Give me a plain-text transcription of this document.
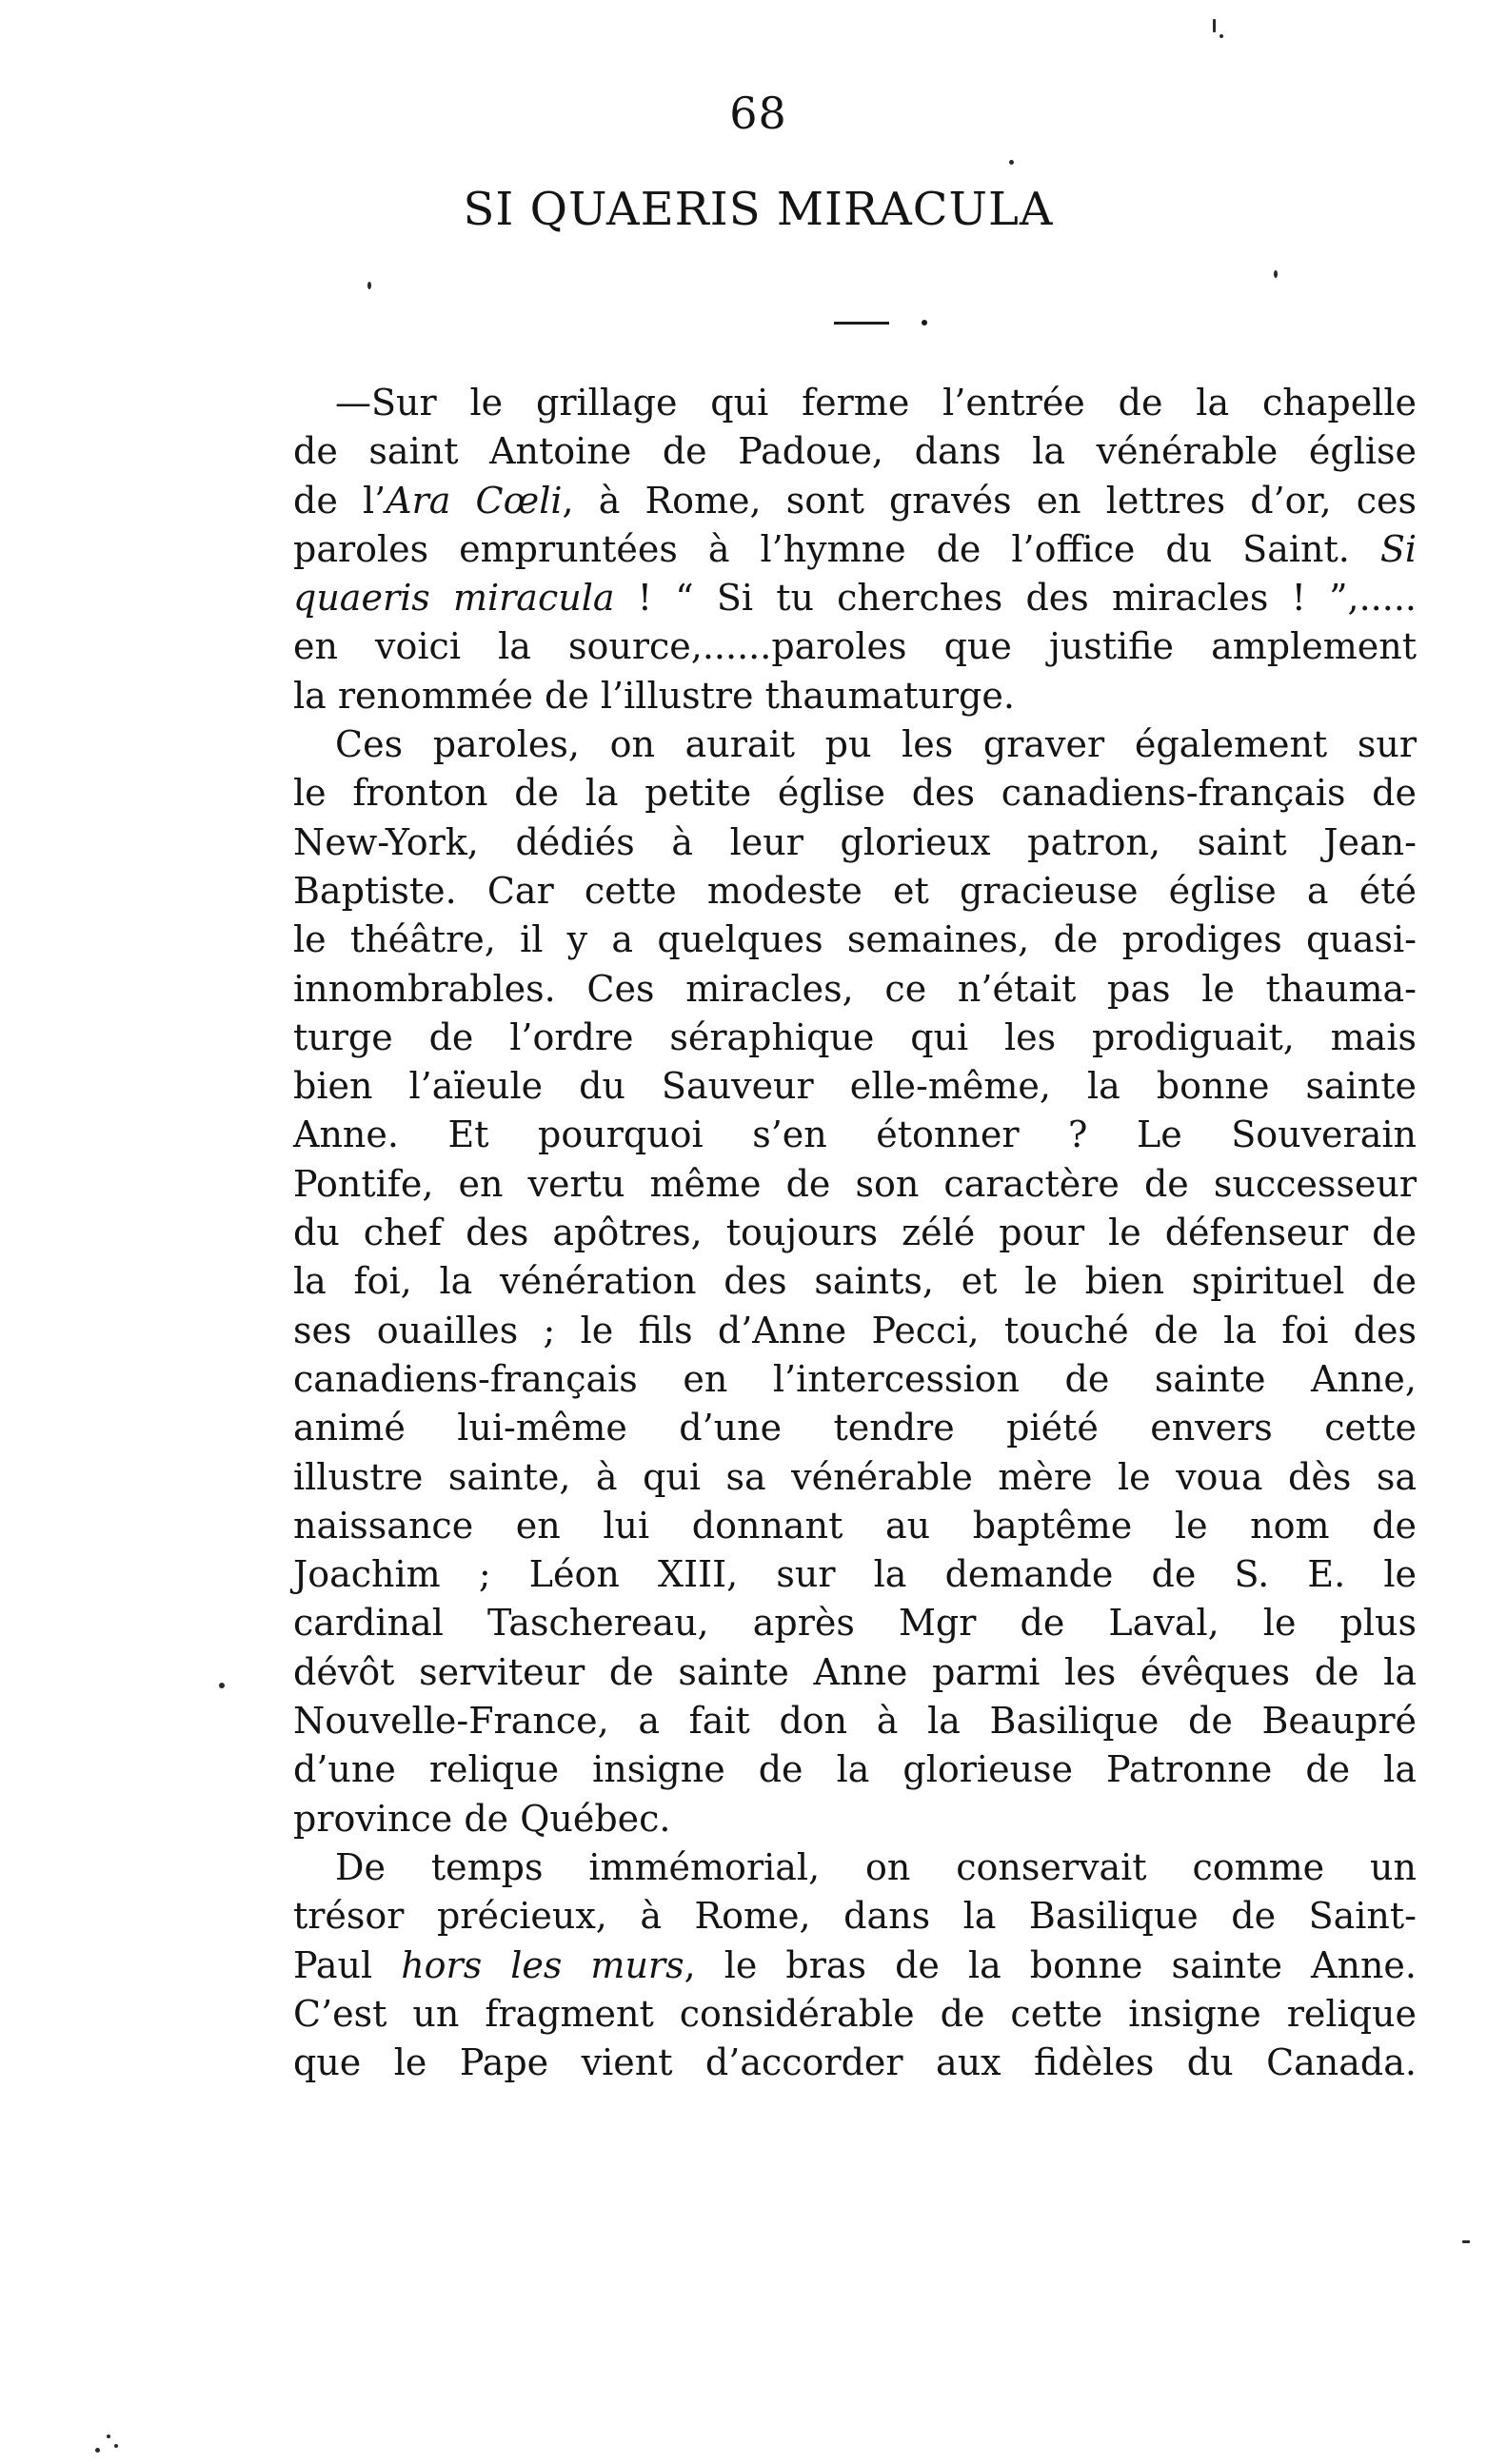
68
SI QUAERIS MIRACULA
—Sur le grillage qui ferme l’entrée de la chapelle
de saint Antoine de Padoue, dans la vénérable église
de l’Ara Cœli, à Rome, sont gravés en lettres d’or, ces
paroles empruntées à l’hymne de l’office du Saint. Si
quaeris miracula ! “ Si tu cherches des miracles ! ”,.....
en voici la source,......paroles que justifie amplement
la renommée de l’illustre thaumaturge.
Ces paroles, on aurait pu les graver également sur
le fronton de la petite église des canadiens-français de
New-York, dédiés à leur glorieux patron, saint Jean-
Baptiste. Car cette modeste et gracieuse église a été
le théâtre, il y a quelques semaines, de prodiges quasi-
innombrables. Ces miracles, ce n’était pas le thauma-
turge de l’ordre séraphique qui les prodiguait, mais
bien l’aïeule du Sauveur elle-même, la bonne sainte
Anne. Et pourquoi s’en étonner ? Le Souverain
Pontife, en vertu même de son caractère de successeur
du chef des apôtres, toujours zélé pour le défenseur de
la foi, la vénération des saints, et le bien spirituel de
ses ouailles ; le fils d’Anne Pecci, touché de la foi des
canadiens-français en l’intercession de sainte Anne,
animé lui-même d’une tendre piété envers cette
illustre sainte, à qui sa vénérable mère le voua dès sa
naissance en lui donnant au baptême le nom de
Joachim ; Léon XIII, sur la demande de S. E. le
cardinal Taschereau, après Mgr de Laval, le plus
dévôt serviteur de sainte Anne parmi les évêques de la
Nouvelle-France, a fait don à la Basilique de Beaupré
d’une relique insigne de la glorieuse Patronne de la
province de Québec.
De temps immémorial, on conservait comme un
trésor précieux, à Rome, dans la Basilique de Saint-
Paul hors les murs, le bras de la bonne sainte Anne.
C’est un fragment considérable de cette insigne relique
que le Pape vient d’accorder aux fidèles du Canada.
